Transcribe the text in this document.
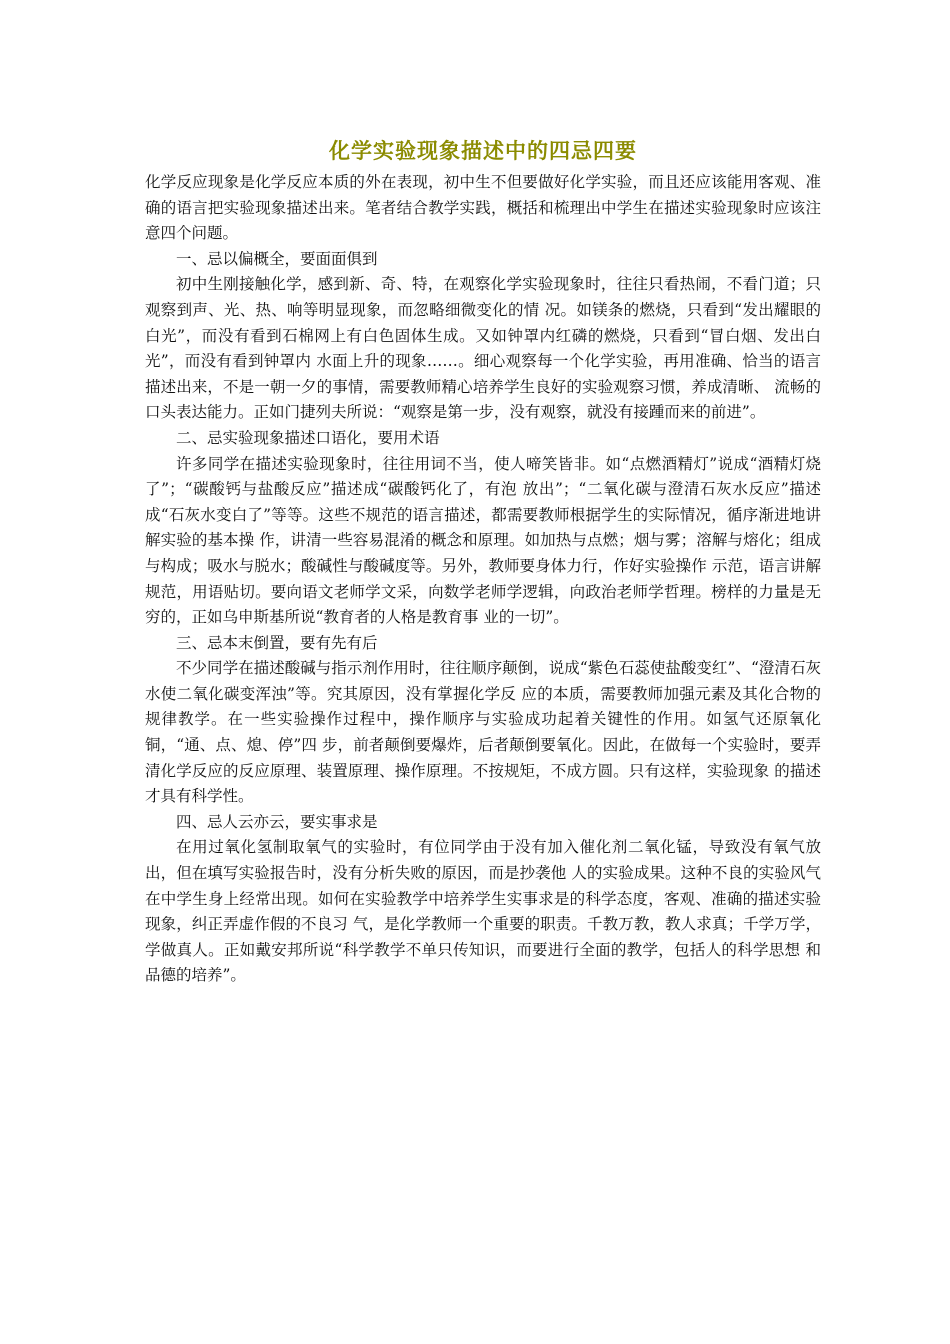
化学实验现象描述中的四忌四要

化学反应现象是化学反应本质的外在表现，初中生不但要做好化学实验，而且还应该能用客观、准确的语言把实验现象描述出来。笔者结合教学实践，概括和梳理出中学生在描述实验现象时应该注意四个问题。

一、忌以偏概全，要面面俱到

初中生刚接触化学，感到新、奇、特，在观察化学实验现象时，往往只看热闹，不看门道；只观察到声、光、热、响等明显现象，而忽略细微变化的情 况。如镁条的燃烧，只看到“发出耀眼的白光”，而没有看到石棉网上有白色固体生成。又如钟罩内红磷的燃烧，只看到“冒白烟、发出白光”，而没有看到钟罩内 水面上升的现象……。细心观察每一个化学实验，再用准确、恰当的语言描述出来，不是一朝一夕的事情，需要教师精心培养学生良好的实验观察习惯，养成清晰、 流畅的口头表达能力。正如门捷列夫所说：“观察是第一步，没有观察，就没有接踵而来的前进”。

二、忌实验现象描述口语化，要用术语

许多同学在描述实验现象时，往往用词不当，使人啼笑皆非。如“点燃酒精灯”说成“酒精灯烧了”；“碳酸钙与盐酸反应”描述成“碳酸钙化了，有泡 放出”；“二氧化碳与澄清石灰水反应”描述成“石灰水变白了”等等。这些不规范的语言描述，都需要教师根据学生的实际情况，循序渐进地讲解实验的基本操 作，讲清一些容易混淆的概念和原理。如加热与点燃；烟与雾；溶解与熔化；组成与构成；吸水与脱水；酸碱性与酸碱度等。另外，教师要身体力行，作好实验操作 示范，语言讲解规范，用语贴切。要向语文老师学文采，向数学老师学逻辑，向政治老师学哲理。榜样的力量是无穷的，正如乌申斯基所说“教育者的人格是教育事 业的一切”。

三、忌本末倒置，要有先有后

不少同学在描述酸碱与指示剂作用时，往往顺序颠倒，说成“紫色石蕊使盐酸变红”、“澄清石灰水使二氧化碳变浑浊”等。究其原因，没有掌握化学反 应的本质，需要教师加强元素及其化合物的规律教学。在一些实验操作过程中，操作顺序与实验成功起着关键性的作用。如氢气还原氧化铜，“通、点、熄、停”四 步，前者颠倒要爆炸，后者颠倒要氧化。因此，在做每一个实验时，要弄清化学反应的反应原理、装置原理、操作原理。不按规矩，不成方圆。只有这样，实验现象 的描述才具有科学性。

四、忌人云亦云，要实事求是

在用过氧化氢制取氧气的实验时，有位同学由于没有加入催化剂二氧化锰，导致没有氧气放出，但在填写实验报告时，没有分析失败的原因，而是抄袭他 人的实验成果。这种不良的实验风气在中学生身上经常出现。如何在实验教学中培养学生实事求是的科学态度，客观、准确的描述实验现象，纠正弄虚作假的不良习 气，是化学教师一个重要的职责。千教万教，教人求真；千学万学，学做真人。正如戴安邦所说“科学教学不单只传知识，而要进行全面的教学，包括人的科学思想 和品德的培养”。
